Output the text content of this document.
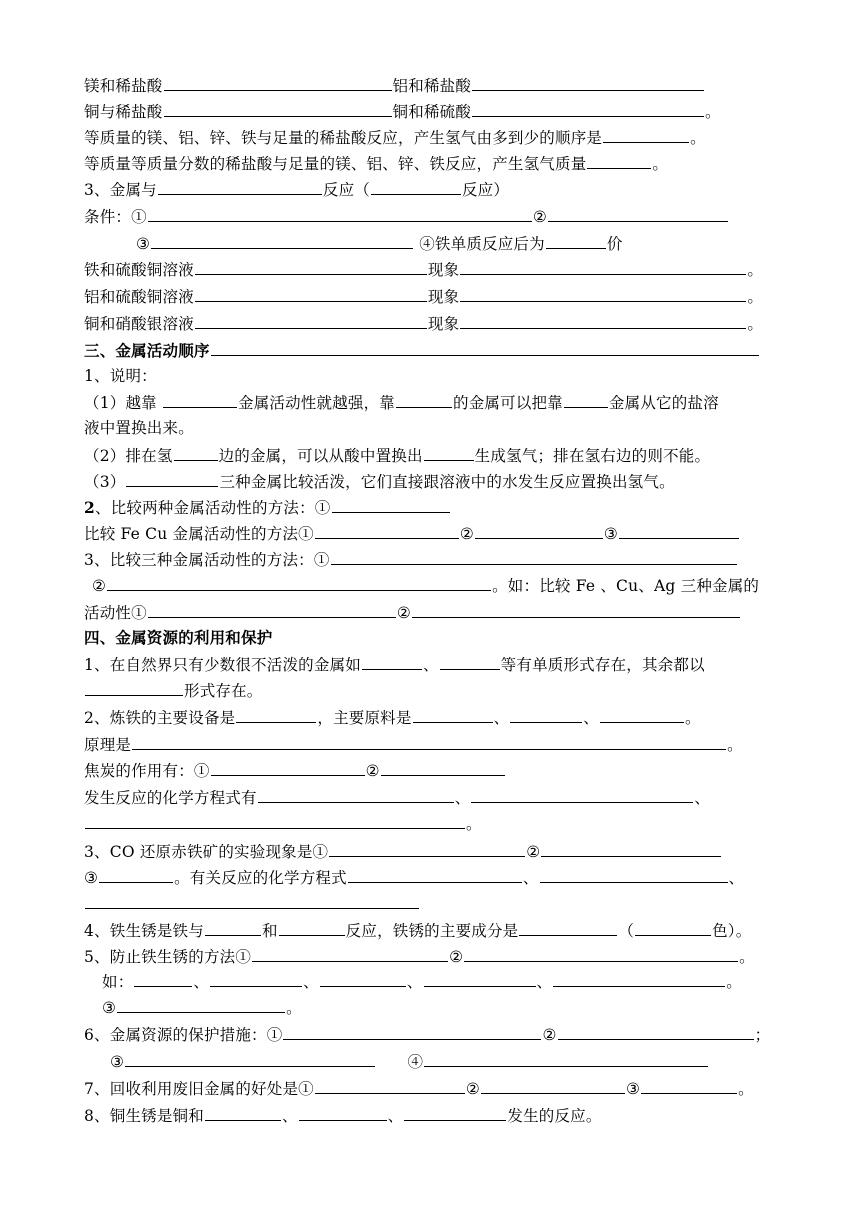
镁和稀盐酸	铝和稀盐酸
铜与稀盐酸	铜和稀硫酸	。
等质量的镁、铝、锌、铁与足量的稀盐酸反应，产生氢气由多到少的顺序是	。
等质量等质量分数的稀盐酸与足量的镁、铝、锌、铁反应，产生氢气质量	。
3、金属与	反应（	反应）
条件：①	②
③	④铁单质反应后为	价
铁和硫酸铜溶液	现象	。
铝和硫酸铜溶液	现象	。
铜和硝酸银溶液	现象	。
三、金属活动顺序
1、说明：
（1）越靠	金属活动性就越强，靠	的金属可以把靠	金属从它的盐溶
液中置换出来。
（2）排在氢	边的金属，可以从酸中置换出	生成氢气；排在氢右边的则不能。
（3）	三种金属比较活泼，它们直接跟溶液中的水发生反应置换出氢气。
2、比较两种金属活动性的方法：①
比较 Fe Cu 金属活动性的方法①	②	③
3、比较三种金属活动性的方法：①
②	。如：比较 Fe 、Cu、Ag 三种金属的
活动性①	②
四、金属资源的利用和保护
1、在自然界只有少数很不活泼的金属如	、	等有单质形式存在，其余都以
形式存在。
2、炼铁的主要设备是	，主要原料是	、	、	。
原理是	。
焦炭的作用有：①	②
发生反应的化学方程式有	、	、
。
3、CO 还原赤铁矿的实验现象是①	②
③	。有关反应的化学方程式	、	、
4、铁生锈是铁与	和	反应，铁锈的主要成分是	（	色）。
5、防止铁生锈的方法①	②	。
如：	、	、	、	、	。
③	。
6、金属资源的保护措施：①	②	；
③	　　④
7、回收利用废旧金属的好处是①	②	③	。
8、铜生锈是铜和	、	、	发生的反应。
